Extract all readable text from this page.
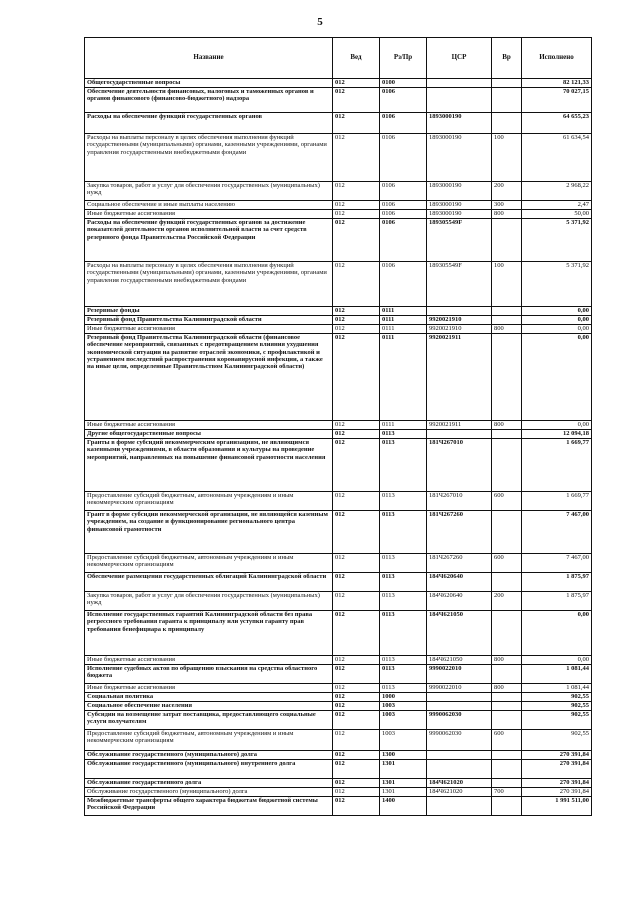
5
Название	Вед	Рз/Пр	ЦСР	Вр	Исполнено
Общегосударственные вопросы	012	0100			82 121,33
Обеспечение деятельности финансовых, налоговых и таможенных органов и органов финансового (финансово-бюджетного) надзора	012	0106			70 027,15
Расходы на обеспечение функций государственных органов	012	0106	1893000190		64 655,23
Расходы на выплаты персоналу в целях обеспечения выполнения функций государственными (муниципальными) органами, казенными учреждениями, органами управления государственными внебюджетными фондами	012	0106	1893000190	100	61 634,54
Закупка товаров, работ и услуг для обеспечения государственных (муниципальных) нужд	012	0106	1893000190	200	2 968,22
Социальное обеспечение и иные выплаты населению	012	0106	1893000190	300	2,47
Иные бюджетные ассигнования	012	0106	1893000190	800	50,00
Расходы на обеспечение функций государственных органов за достижение показателей деятельности органов исполнительной власти за счет средств резервного фонда Правительства Российской Федерации	012	0106	189305549F		5 371,92
Расходы на выплаты персоналу в целях обеспечения выполнения функций государственными (муниципальными) органами, казенными учреждениями, органами управления государственными внебюджетными фондами	012	0106	189305549F	100	5 371,92
Резервные фонды	012	0111			0,00
Резервный фонд Правительства Калининградской области	012	0111	9920021910		0,00
Иные бюджетные ассигнования	012	0111	9920021910	800	0,00
Резервный фонд Правительства Калининградской области (финансовое обеспечение мероприятий, связанных с предотвращением влияния ухудшения экономической ситуации на развитие отраслей экономики, с профилактикой и устранением последствий распространения коронавирусной инфекции, а также на иные цели, определенные Правительством Калининградской области)	012	0111	9920021911		0,00
Иные бюджетные ассигнования	012	0111	9920021911	800	0,00
Другие общегосударственные вопросы	012	0113			12 094,18
Гранты в форме субсидий некоммерческим организациям, не являющимся казенными учреждениями, в области образования и культуры на проведение мероприятий, направленных на повышение финансовой грамотности населения	012	0113	181Ч267010		1 669,77
Предоставление субсидий бюджетным, автономным учреждениям и иным некоммерческим организациям	012	0113	181Ч267010	600	1 669,77
Грант в форме субсидии некоммерческой организации, не являющейся казенным учреждением, на создание и функционирование регионального центра финансовой грамотности	012	0113	181Ч267260		7 467,00
Предоставление субсидий бюджетным, автономным учреждениям и иным некоммерческим организациям	012	0113	181Ч267260	600	7 467,00
Обеспечение размещения государственных облигаций Калининградской области	012	0113	184Ч620640		1 875,97
Закупка товаров, работ и услуг для обеспечения государственных (муниципальных) нужд	012	0113	184Ч620640	200	1 875,97
Исполнение государственных гарантий Калининградской области без права регрессного требования гаранта к принципалу или уступки гаранту прав требования бенефициара к принципалу	012	0113	184Ч621050		0,00
Иные бюджетные ассигнования	012	0113	184Ч621050	800	0,00
Исполнение судебных актов по обращению взыскания на средства областного бюджета	012	0113	9990022010		1 081,44
Иные бюджетные ассигнования	012	0113	9990022010	800	1 081,44
Социальная политика	012	1000			902,55
Социальное обеспечение населения	012	1003			902,55
Субсидии на возмещение затрат поставщика, предоставляющего социальные услуги получателям	012	1003	9990062030		902,55
Предоставление субсидий бюджетным, автономным учреждениям и иным некоммерческим организациям	012	1003	9990062030	600	902,55
Обслуживание государственного (муниципального) долга	012	1300			270 391,84
Обслуживание государственного (муниципального) внутреннего долга	012	1301			270 391,84
Обслуживание государственного долга	012	1301	184Ч621020		270 391,84
Обслуживание государственного (муниципального) долга	012	1301	184Ч621020	700	270 391,84
Межбюджетные трансферты общего характера бюджетам бюджетной системы Российской Федерации	012	1400			1 991 511,00
